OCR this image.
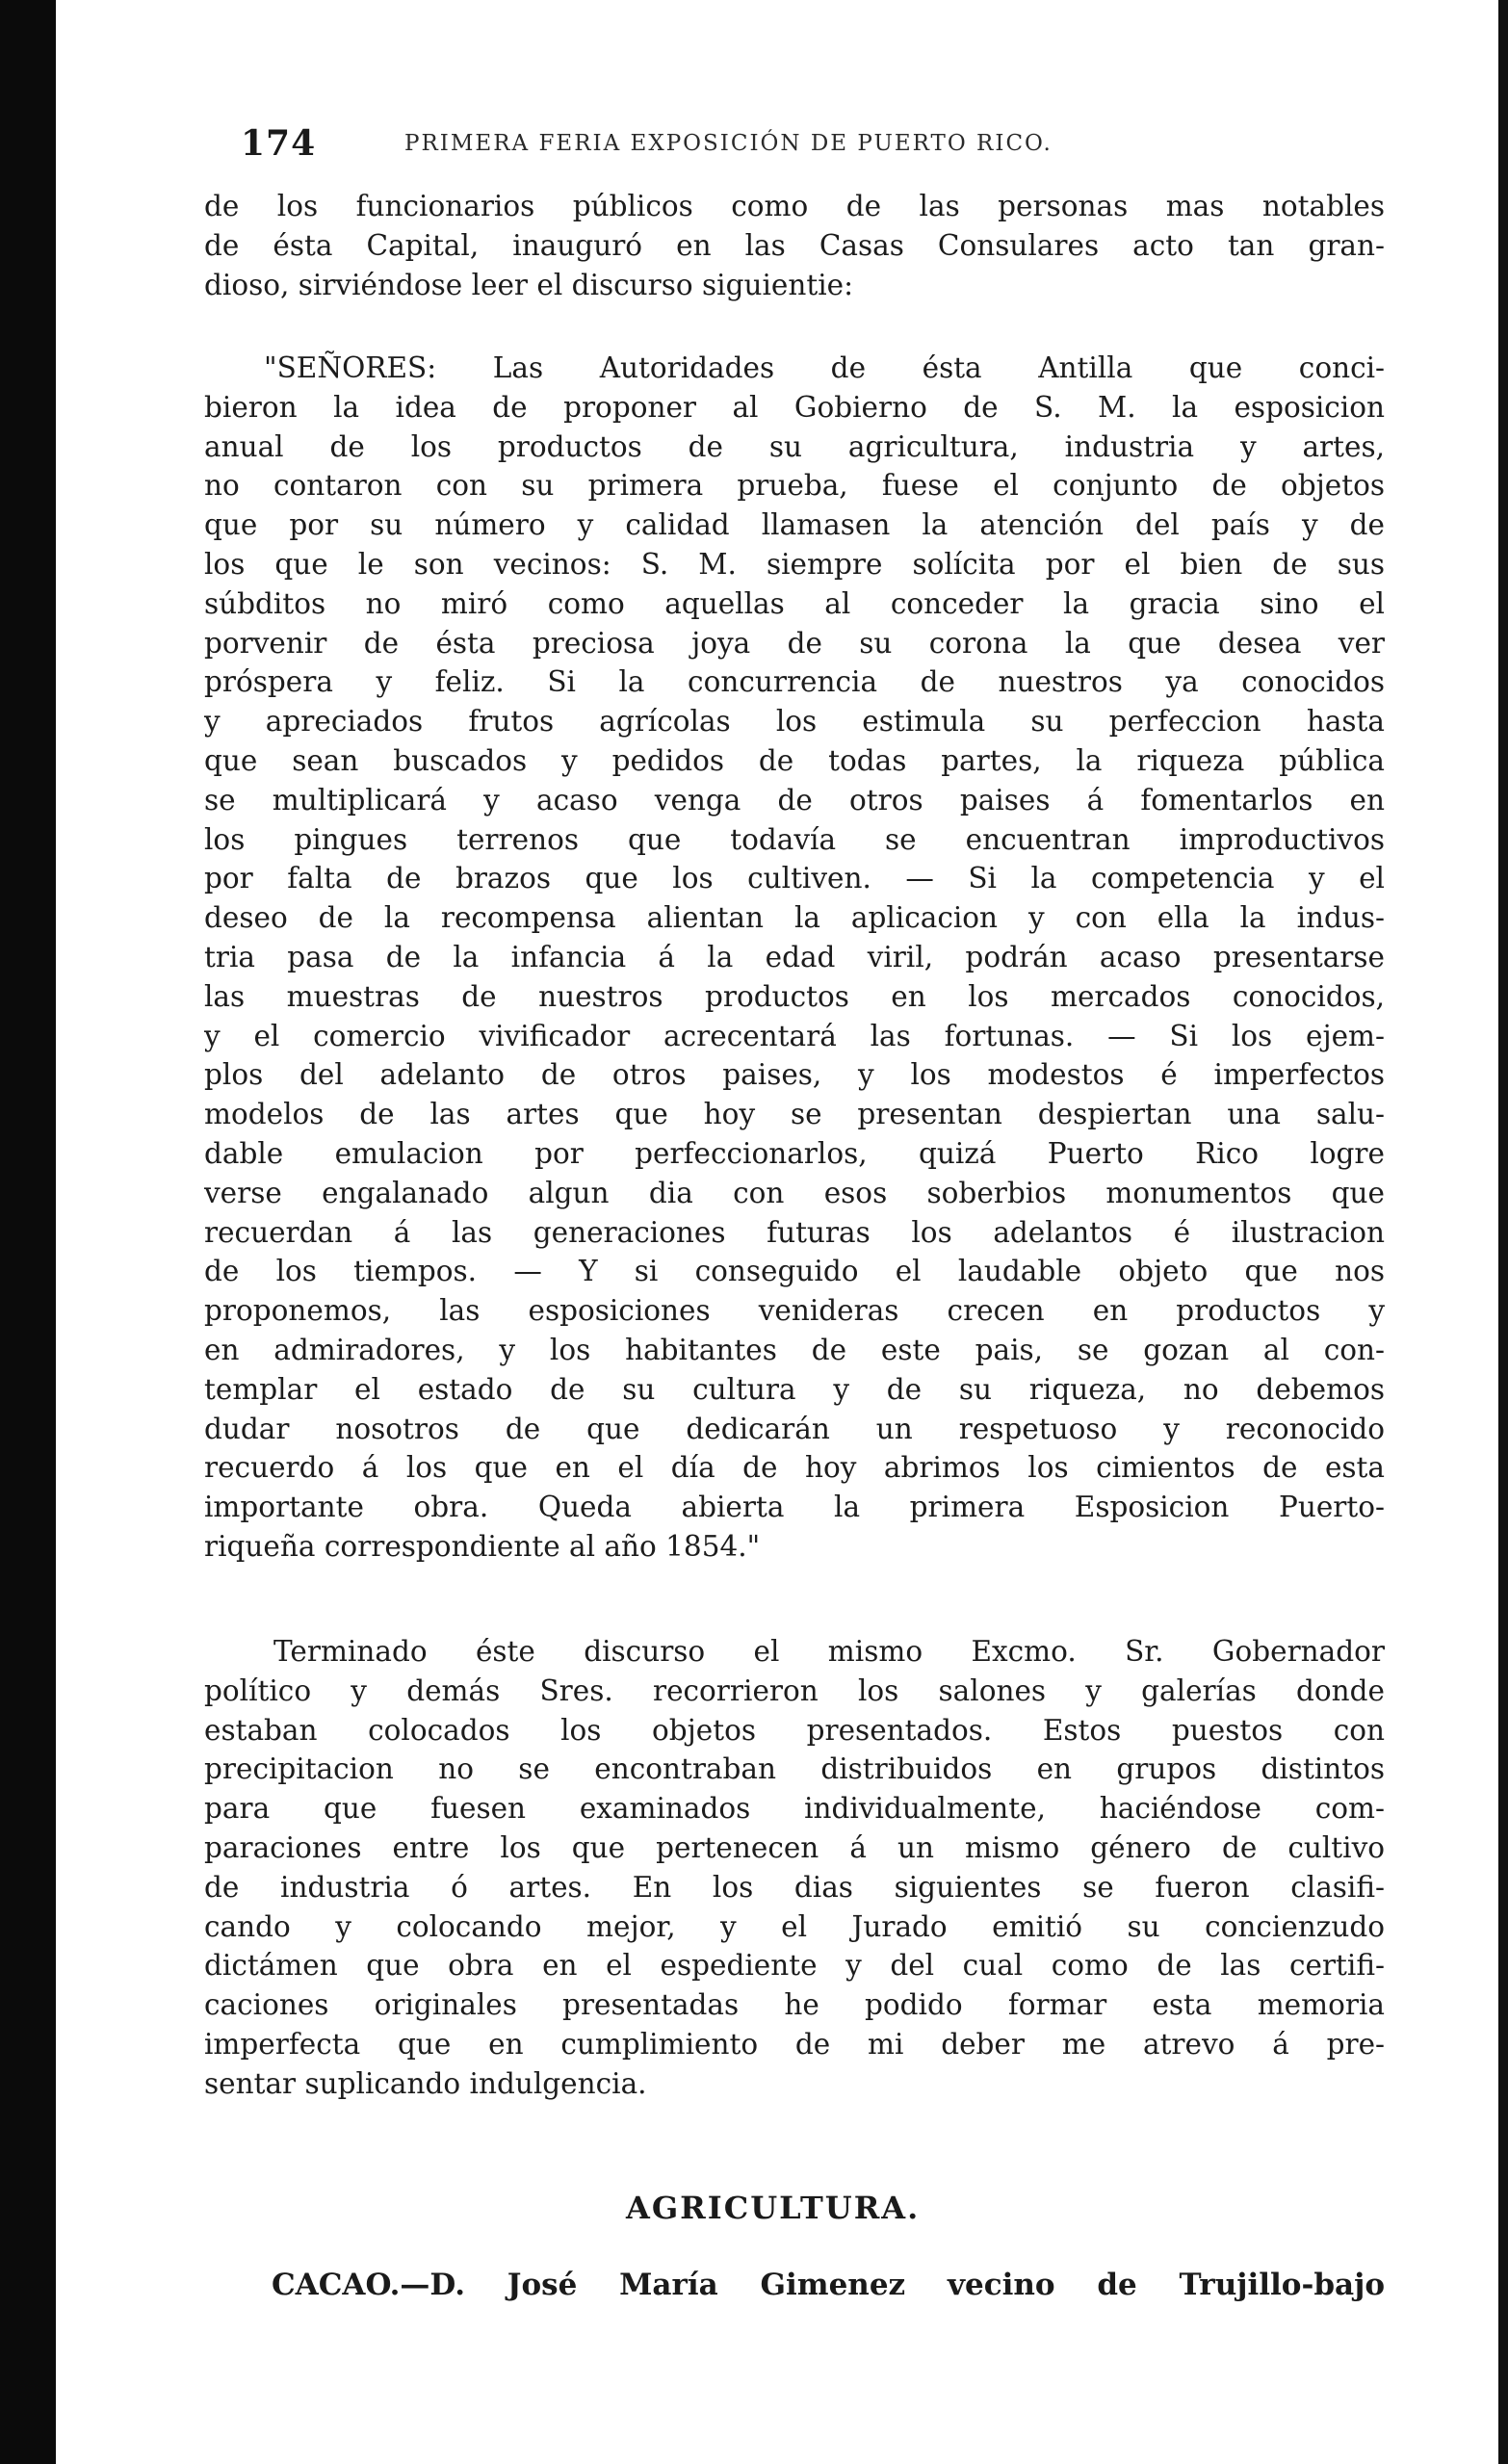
174	PRIMERA FERIA EXPOSICIÓN DE PUERTO RICO.
de los funcionarios públicos como de las personas mas notables
de ésta Capital, inauguró en las Casas Consulares acto tan gran-
dioso, sirviéndose leer el discurso siguientie:
"SEÑORES: Las Autoridades de ésta Antilla que conci-
bieron la idea de proponer al Gobierno de S. M. la esposicion
anual de los productos de su agricultura, industria y artes,
no contaron con su primera prueba, fuese el conjunto de objetos
que por su número y calidad llamasen la atención del país y de
los que le son vecinos: S. M. siempre solícita por el bien de sus
súbditos no miró como aquellas al conceder la gracia sino el
porvenir de ésta preciosa joya de su corona la que desea ver
próspera y feliz. Si la concurrencia de nuestros ya conocidos
y apreciados frutos agrícolas los estimula su perfeccion hasta
que sean buscados y pedidos de todas partes, la riqueza pública
se multiplicará y acaso venga de otros paises á fomentarlos en
los pingues terrenos que todavía se encuentran improductivos
por falta de brazos que los cultiven. — Si la competencia y el
deseo de la recompensa alientan la aplicacion y con ella la indus-
tria pasa de la infancia á la edad viril, podrán acaso presentarse
las muestras de nuestros productos en los mercados conocidos,
y el comercio vivificador acrecentará las fortunas. — Si los ejem-
plos del adelanto de otros paises, y los modestos é imperfectos
modelos de las artes que hoy se presentan despiertan una salu-
dable emulacion por perfeccionarlos, quizá Puerto Rico logre
verse engalanado algun dia con esos soberbios monumentos que
recuerdan á las generaciones futuras los adelantos é ilustracion
de los tiempos. — Y si conseguido el laudable objeto que nos
proponemos, las esposiciones venideras crecen en productos y
en admiradores, y los habitantes de este pais, se gozan al con-
templar el estado de su cultura y de su riqueza, no debemos
dudar nosotros de que dedicarán un respetuoso y reconocido
recuerdo á los que en el día de hoy abrimos los cimientos de esta
importante obra. Queda abierta la primera Esposicion Puerto-
riqueña correspondiente al año 1854."
Terminado éste discurso el mismo Excmo. Sr. Gobernador
político y demás Sres. recorrieron los salones y galerías donde
estaban colocados los objetos presentados. Estos puestos con
precipitacion no se encontraban distribuidos en grupos distintos
para que fuesen examinados individualmente, haciéndose com-
paraciones entre los que pertenecen á un mismo género de cultivo
de industria ó artes. En los dias siguientes se fueron clasifi-
cando y colocando mejor, y el Jurado emitió su concienzudo
dictámen que obra en el espediente y del cual como de las certifi-
caciones originales presentadas he podido formar esta memoria
imperfecta que en cumplimiento de mi deber me atrevo á pre-
sentar suplicando indulgencia.
AGRICULTURA.
CACAO.—D. José María Gimenez vecino de Trujillo-bajo
